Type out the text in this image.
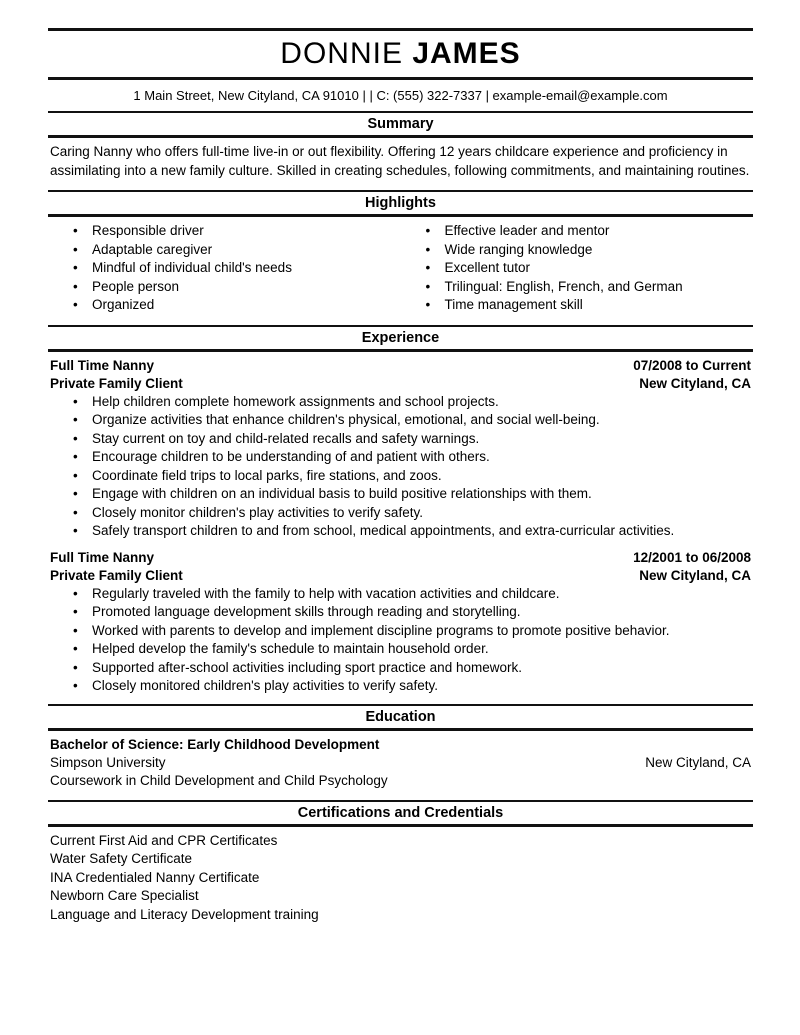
DONNIE JAMES

1 Main Street, New Cityland, CA 91010 | | C: (555) 322-7337 | example-email@example.com

Summary

Caring Nanny who offers full-time live-in or out flexibility. Offering 12 years childcare experience and proficiency in assimilating into a new family culture. Skilled in creating schedules, following commitments, and maintaining routines.

Highlights
• Responsible driver
• Adaptable caregiver
• Mindful of individual child's needs
• People person
• Organized
• Effective leader and mentor
• Wide ranging knowledge
• Excellent tutor
• Trilingual: English, French, and German
• Time management skill
Experience
Full Time Nanny	07/2008 to Current
Private Family Client	New Cityland, CA
• Help children complete homework assignments and school projects.
• Organize activities that enhance children's physical, emotional, and social well-being.
• Stay current on toy and child-related recalls and safety warnings.
• Encourage children to be understanding of and patient with others.
• Coordinate field trips to local parks, fire stations, and zoos.
• Engage with children on an individual basis to build positive relationships with them.
• Closely monitor children's play activities to verify safety.
• Safely transport children to and from school, medical appointments, and extra-curricular activities.
Full Time Nanny	12/2001 to 06/2008
Private Family Client	New Cityland, CA
• Regularly traveled with the family to help with vacation activities and childcare.
• Promoted language development skills through reading and storytelling.
• Worked with parents to develop and implement discipline programs to promote positive behavior.
• Helped develop the family's schedule to maintain household order.
• Supported after-school activities including sport practice and homework.
• Closely monitored children's play activities to verify safety.
Education
Bachelor of Science: Early Childhood Development
Simpson University	New Cityland, CA
Coursework in Child Development and Child Psychology
Certifications and Credentials
Current First Aid and CPR Certificates
Water Safety Certificate
INA Credentialed Nanny Certificate
Newborn Care Specialist
Language and Literacy Development training
